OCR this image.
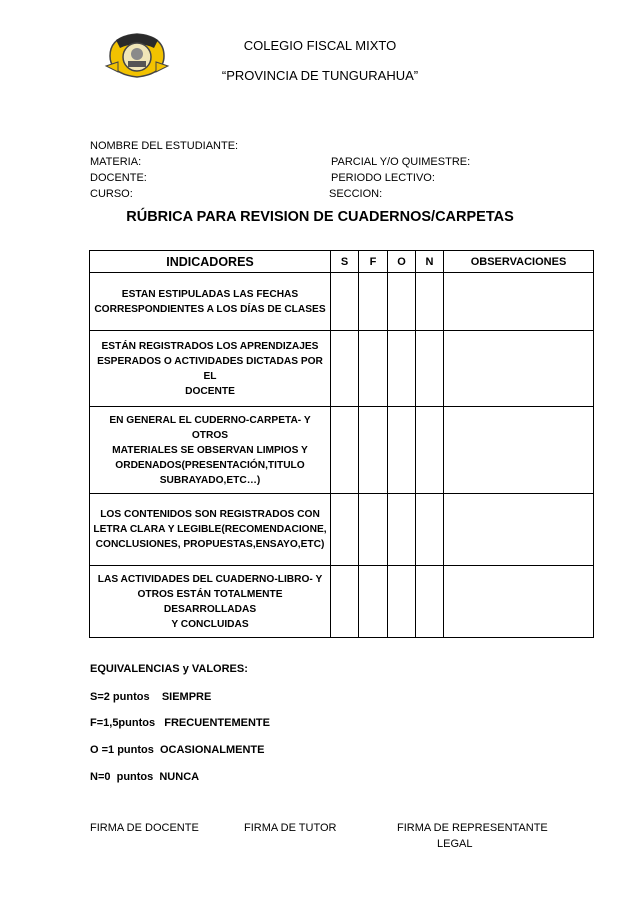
COLEGIO FISCAL MIXTO
“PROVINCIA DE TUNGURAHUA”
NOMBRE DEL ESTUDIANTE:
MATERIA:
DOCENTE:
CURSO:
PARCIAL Y/O QUIMESTRE:
PERIODO LECTIVO:
SECCION:
RÚBRICA PARA REVISION DE CUADERNOS/CARPETAS
INDICADORES	S	F	O	N	OBSERVACIONES

ESTAN ESTIPULADAS LAS FECHAS
CORRESPONDIENTES A LOS DÍAS DE CLASES					

ESTÁN REGISTRADOS LOS APRENDIZAJES
ESPERADOS O ACTIVIDADES DICTADAS POR EL
DOCENTE					

EN GENERAL EL CUDERNO-CARPETA- Y OTROS
MATERIALES SE OBSERVAN LIMPIOS Y
ORDENADOS(PRESENTACIÓN,TITULO
SUBRAYADO,ETC…)					

LOS CONTENIDOS SON REGISTRADOS CON
LETRA CLARA Y LEGIBLE(RECOMENDACIONE,
CONCLUSIONES, PROPUESTAS,ENSAYO,ETC)					

LAS ACTIVIDADES DEL CUADERNO-LIBRO- Y
OTROS ESTÁN TOTALMENTE DESARROLLADAS
Y CONCLUIDAS					

EQUIVALENCIAS y VALORES:
S=2 puntos    SIEMPRE
F=1,5puntos   FRECUENTEMENTE
O =1 puntos  OCASIONALMENTE
N=0  puntos  NUNCA
FIRMA DE DOCENTE	FIRMA DE TUTOR	FIRMA DE REPRESENTANTE
LEGAL
